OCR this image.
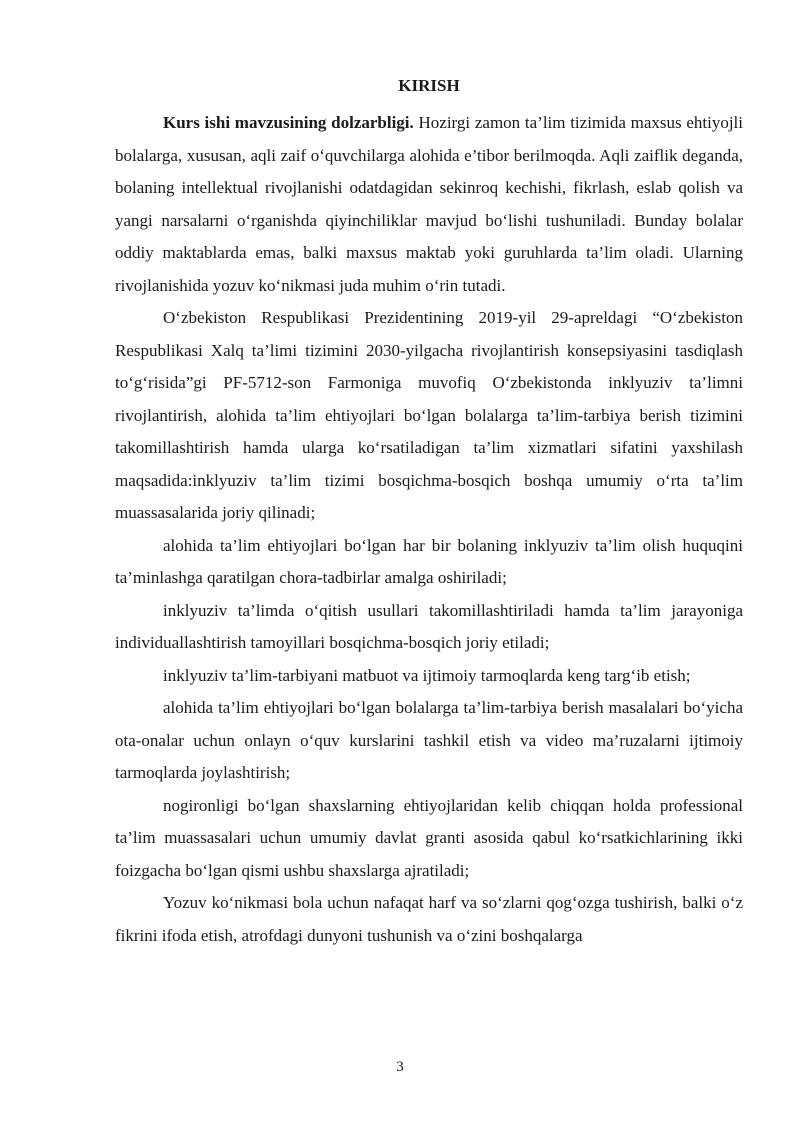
KIRISH

Kurs ishi mavzusining dolzarbligi. Hozirgi zamon ta’lim tizimida maxsus ehtiyojli bolalarga, xususan, aqli zaif o‘quvchilarga alohida e’tibor berilmoqda. Aqli zaiflik deganda, bolaning intellektual rivojlanishi odatdagidan sekinroq kechishi, fikrlash, eslab qolish va yangi narsalarni o‘rganishda qiyinchiliklar mavjud bo‘lishi tushuniladi. Bunday bolalar oddiy maktablarda emas, balki maxsus maktab yoki guruhlarda ta’lim oladi. Ularning rivojlanishida yozuv ko‘nikmasi juda muhim o‘rin tutadi.

O‘zbekiston Respublikasi Prezidentining 2019-yil 29-apreldagi “O‘zbekiston Respublikasi Xalq ta’limi tizimini 2030-yilgacha rivojlantirish konsepsiyasini tasdiqlash to‘g‘risida”gi PF-5712-son Farmoniga muvofiq O‘zbekistonda inklyuziv ta’limni rivojlantirish, alohida ta’lim ehtiyojlari bo‘lgan bolalarga ta’lim-tarbiya berish tizimini takomillashtirish hamda ularga ko‘rsatiladigan ta’lim xizmatlari sifatini yaxshilash maqsadida:inklyuziv ta’lim tizimi bosqichma-bosqich boshqa umumiy o‘rta ta’lim muassasalarida joriy qilinadi;

alohida ta’lim ehtiyojlari bo‘lgan har bir bolaning inklyuziv ta’lim olish huquqini ta’minlashga qaratilgan chora-tadbirlar amalga oshiriladi;

inklyuziv ta’limda o‘qitish usullari takomillashtiriladi hamda ta’lim jarayoniga individuallashtirish tamoyillari bosqichma-bosqich joriy etiladi;

inklyuziv ta’lim-tarbiyani matbuot va ijtimoiy tarmoqlarda keng targ‘ib etish;

alohida ta’lim ehtiyojlari bo‘lgan bolalarga ta’lim-tarbiya berish masalalari bo‘yicha ota-onalar uchun onlayn o‘quv kurslarini tashkil etish va video ma’ruzalarni ijtimoiy tarmoqlarda joylashtirish;

nogironligi bo‘lgan shaxslarning ehtiyojlaridan kelib chiqqan holda professional ta’lim muassasalari uchun umumiy davlat granti asosida qabul ko‘rsatkichlarining ikki foizgacha bo‘lgan qismi ushbu shaxslarga ajratiladi;

Yozuv ko‘nikmasi bola uchun nafaqat harf va so‘zlarni qog‘ozga tushirish, balki o‘z fikrini ifoda etish, atrofdagi dunyoni tushunish va o‘zini boshqalarga

3
